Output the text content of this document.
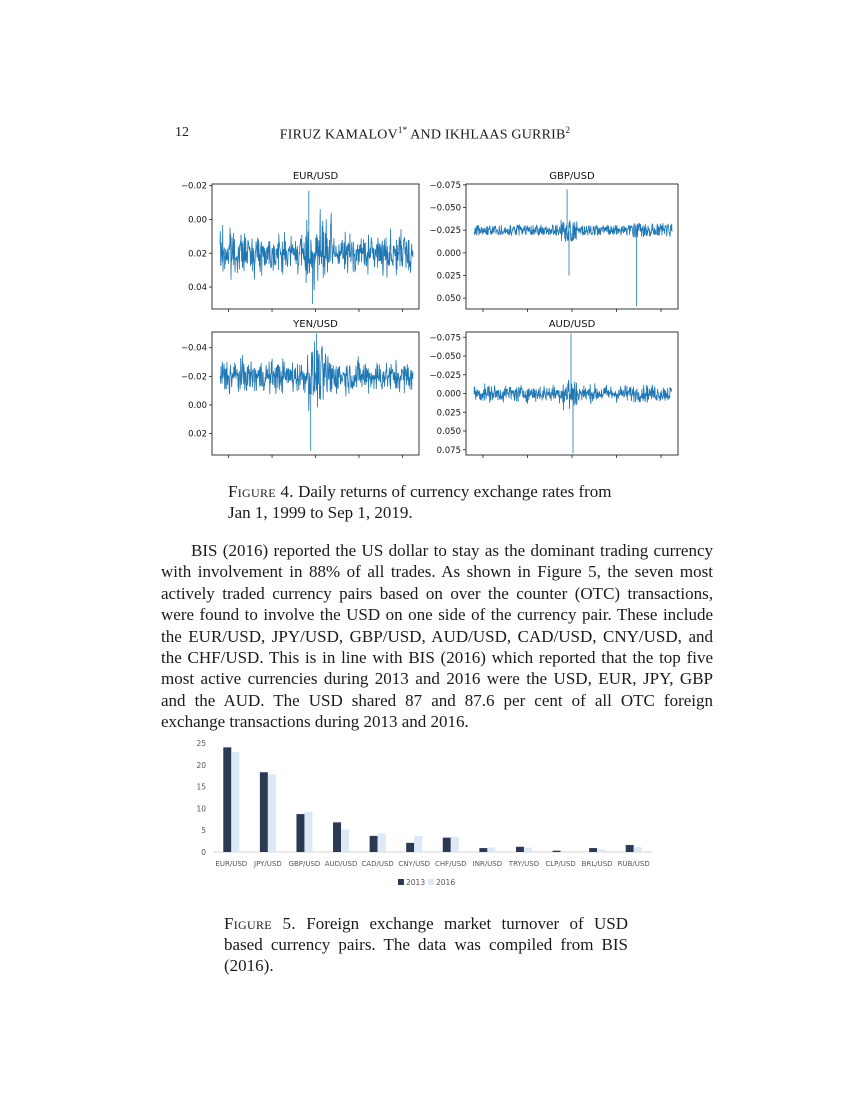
12	FIRUZ $KAMALOV^{1*}$ AND IKHLAAS GURRIB$^2$
EUR/USD
0.04
0.02
0.00
−0.02
GBP/USD
0.050
0.025
0.000
−0.025
−0.050
−0.075
YEN/USD
0.02
0.00
−0.02
−0.04
AUD/USD
0.075
0.050
0.025
0.000
−0.025
−0.050
−0.075
Figure 4. Daily returns of currency exchange rates from Jan 1, 1999 to Sep 1, 2019.

BIS (2016) reported the US dollar to stay as the dominant trading currency with involvement in 88% of all trades. As shown in Figure 5, the seven most actively traded currency pairs based on over the counter (OTC) transactions, were found to involve the USD on one side of the currency pair. These include the EUR/USD, JPY/USD, GBP/USD, AUD/USD, CAD/USD, CNY/USD, and the CHF/USD. This is in line with BIS (2016) which reported that the top five most active currencies during 2013 and 2016 were the USD, EUR, JPY, GBP and the AUD. The USD shared 87 and 87.6 per cent of all OTC foreign exchange transactions during 2013 and 2016.

0
5
10
15
20
25
EUR/USD JPY/USD GBP/USD AUD/USD CAD/USD CNY/USD CHF/USD INR/USD TRY/USD CLP/USD BRL/USD RUB/USD
2013 2016
Figure 5. Foreign exchange market turnover of USD based currency pairs. The data was compiled from BIS (2016).
